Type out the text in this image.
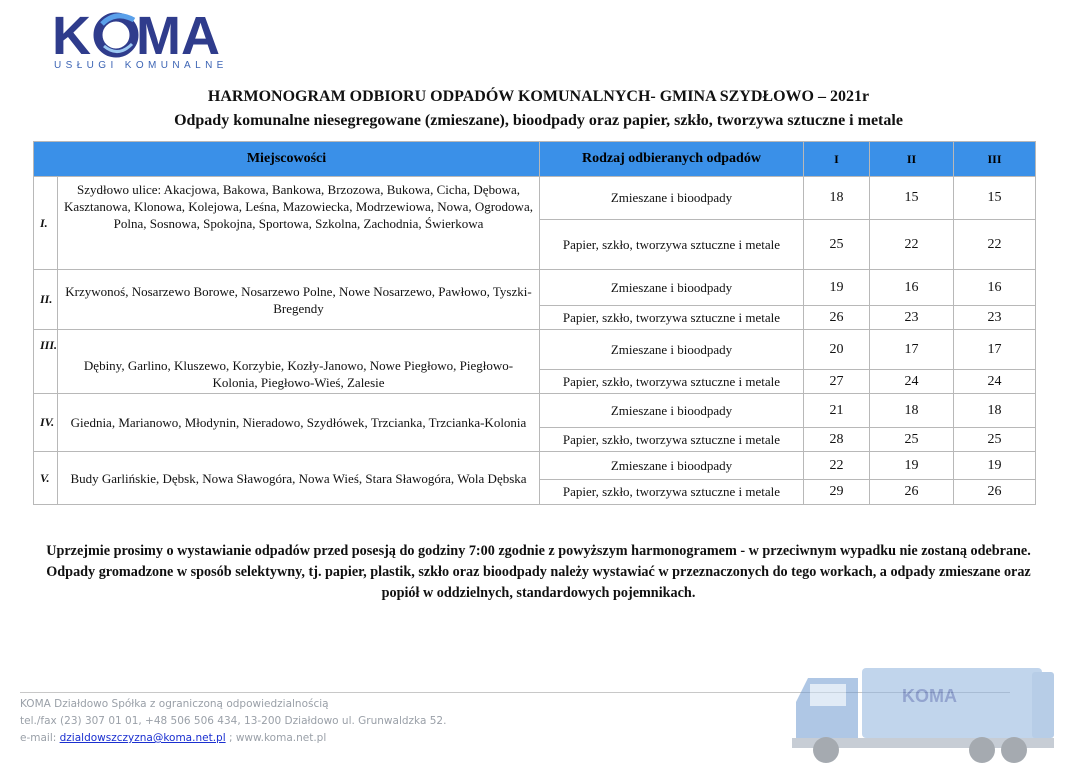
K MA
USŁUGI KOMUNALNE
HARMONOGRAM ODBIORU ODPADÓW KOMUNALNYCH- GMINA SZYDŁOWO – 2021r
Odpady komunalne niesegregowane (zmieszane), bioodpady oraz papier, szkło, tworzywa sztuczne i metale
Miejscowości		Rodzaj odbieranych odpadów	I	II	III
I.	Szydłowo ulice: Akacjowa, Bakowa, Bankowa, Brzozowa, Bukowa, Cicha, Dębowa, Kasztanowa, Klonowa, Kolejowa, Leśna, Mazowiecka, Modrzewiowa, Nowa, Ogrodowa, Polna, Sosnowa, Spokojna, Sportowa, Szkolna, Zachodnia, Świerkowa	Zmieszane i bioodpady	18	15	15
		Papier, szkło, tworzywa sztuczne i metale	25	22	22
II.	Krzywonoś, Nosarzewo Borowe, Nosarzewo Polne, Nowe Nosarzewo, Pawłowo, Tyszki-Bregendy	Zmieszane i bioodpady	19	16	16
		Papier, szkło, tworzywa sztuczne i metale	26	23	23
III.	Dębiny, Garlino, Kluszewo, Korzybie, Kozły-Janowo, Nowe Piegłowo, Piegłowo-Kolonia, Piegłowo-Wieś, Zalesie	Zmieszane i bioodpady	20	17	17
		Papier, szkło, tworzywa sztuczne i metale	27	24	24
IV.	Giednia, Marianowo, Młodynin, Nieradowo, Szydłówek, Trzcianka, Trzcianka-Kolonia	Zmieszane i bioodpady	21	18	18
		Papier, szkło, tworzywa sztuczne i metale	28	25	25
V.	Budy Garlińskie, Dębsk, Nowa Sławogóra, Nowa Wieś, Stara Sławogóra, Wola Dębska	Zmieszane i bioodpady	22	19	19
		Papier, szkło, tworzywa sztuczne i metale	29	26	26
Uprzejmie prosimy o wystawianie odpadów przed posesją do godziny 7:00 zgodnie z powyższym harmonogramem - w przeciwnym wypadku nie zostaną odebrane. Odpady gromadzone w sposób selektywny, tj. papier, plastik, szkło oraz bioodpady należy wystawiać w przeznaczonych do tego workach, a odpady zmieszane oraz popiół w oddzielnych, standardowych pojemnikach.
KOMA Działdowo Spółka z ograniczoną odpowiedzialnością
tel./fax (23) 307 01 01, +48 506 506 434, 13-200 Działdowo ul. Grunwaldzka 52.
e-mail: dzialdowszczyzna@koma.net.pl ; www.koma.net.pl
KOMA
